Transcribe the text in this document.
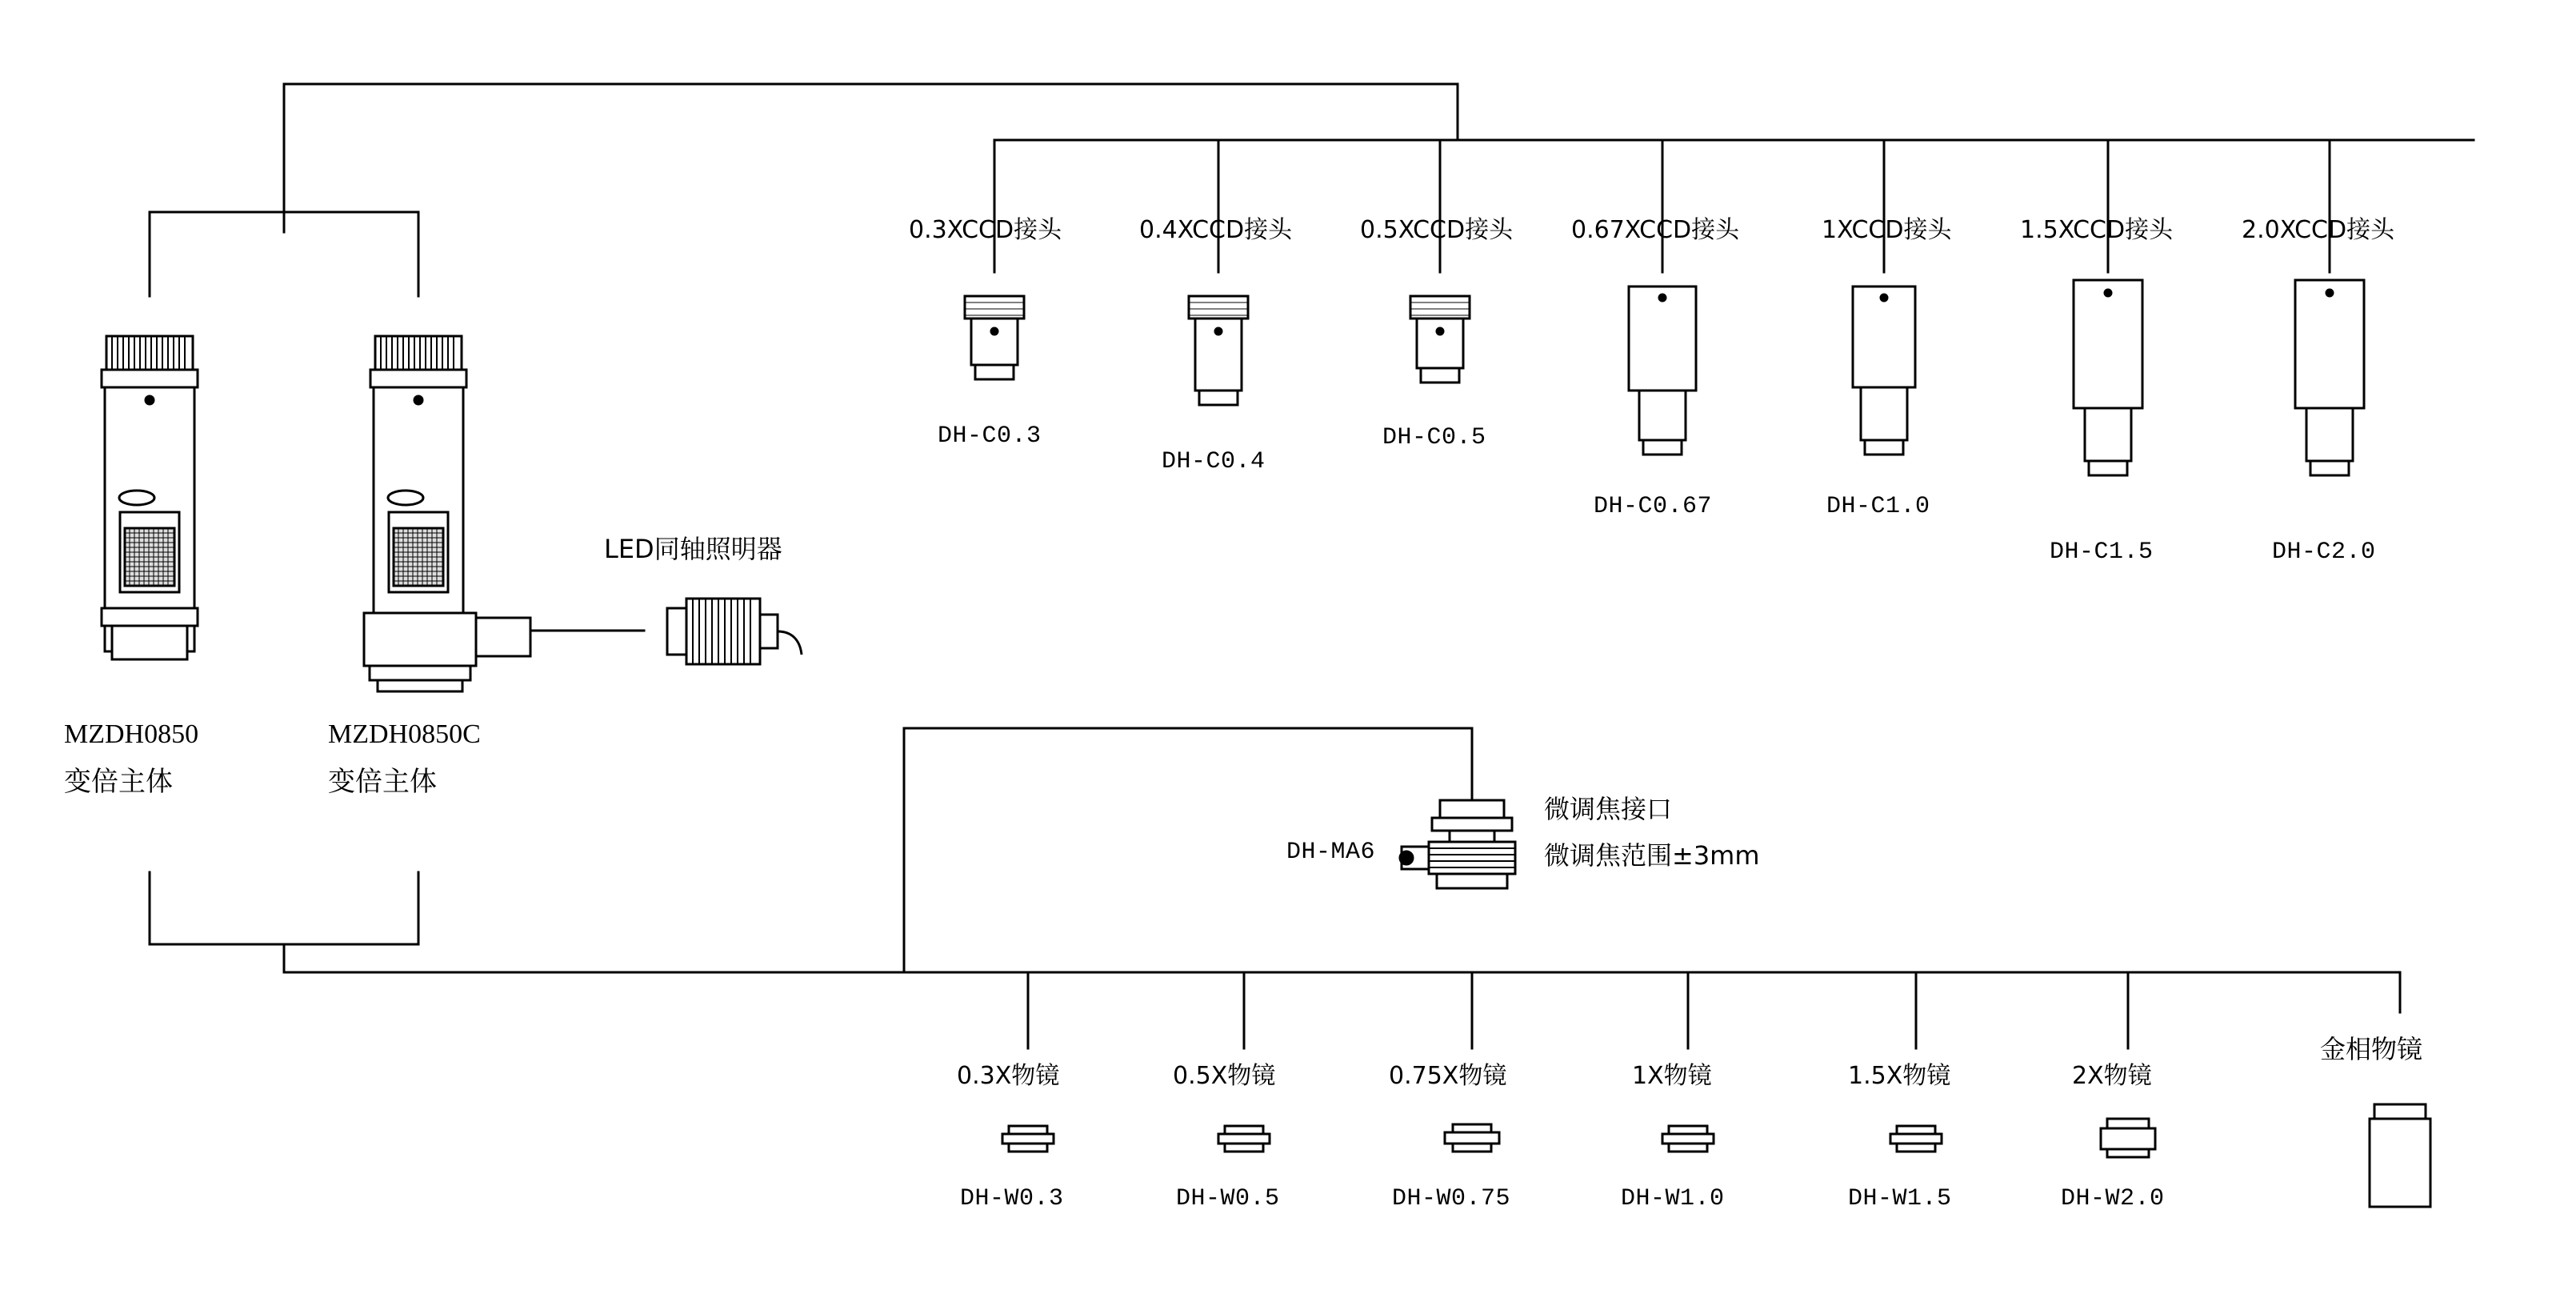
0.3XCCD接头	0.4XCCD接头	0.5XCCD接头 0.67XCCD接头	1XCCD接头	1.5XCCD接头	2.0XCCD接头
DH-C0.3
DH-C0.4
DH-C0.5
DH-C0.67	DH-C1.0
DH-C1.5	DH-C2.0
MZDH0850
变倍主体
MZDH0850C
变倍主体
LED同轴照明器
DH-MA6
微调焦接口
微调焦范围±3mm
0.3X物镜	0.5X物镜	0.75X物镜	1X物镜	1.5X物镜	2X物镜
金相物镜
DH-W0.3	DH-W0.5	DH-W0.75	DH-W1.0	DH-W1.5	DH-W2.0
